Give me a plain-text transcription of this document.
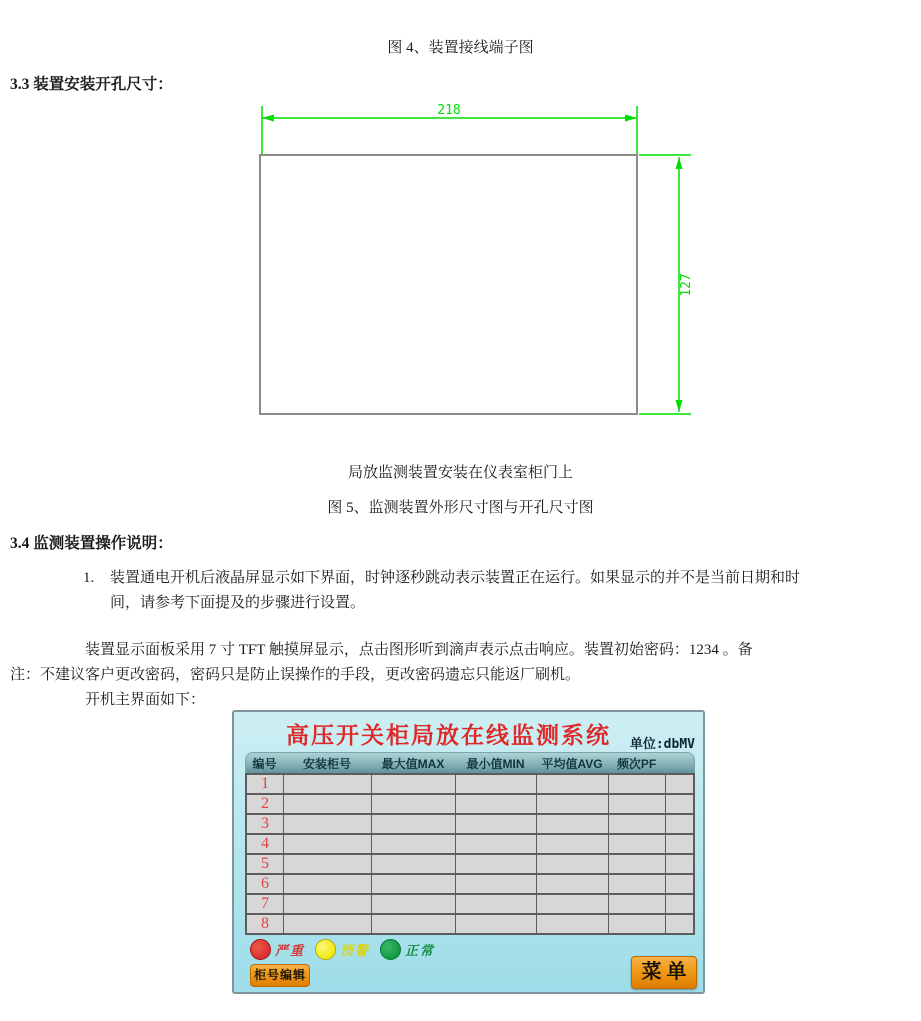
图 4、装置接线端子图
3.3 装置安装开孔尺寸：
218
127
局放监测装置安装在仪表室柜门上
图 5、监测装置外形尺寸图与开孔尺寸图
3.4 监测装置操作说明：
1. 装置通电开机后液晶屏显示如下界面，时钟逐秒跳动表示装置正在运行。如果显示的并不是当前日期和时
间，请参考下面提及的步骤进行设置。
装置显示面板采用 7 寸 TFT 触摸屏显示，点击图形听到滴声表示点击响应。装置初始密码：1234 。备
注：不建议客户更改密码，密码只是防止误操作的手段，更改密码遗忘只能返厂刷机。
开机主界面如下：
高压开关柜局放在线监测系统	单位:dbMV
编号	安装柜号	最大值MAX	最小值MIN	平均值AVG	频次PF
1
2
3
4
5
6
7
8
严重	预警	正常
柜号编辑	菜单
